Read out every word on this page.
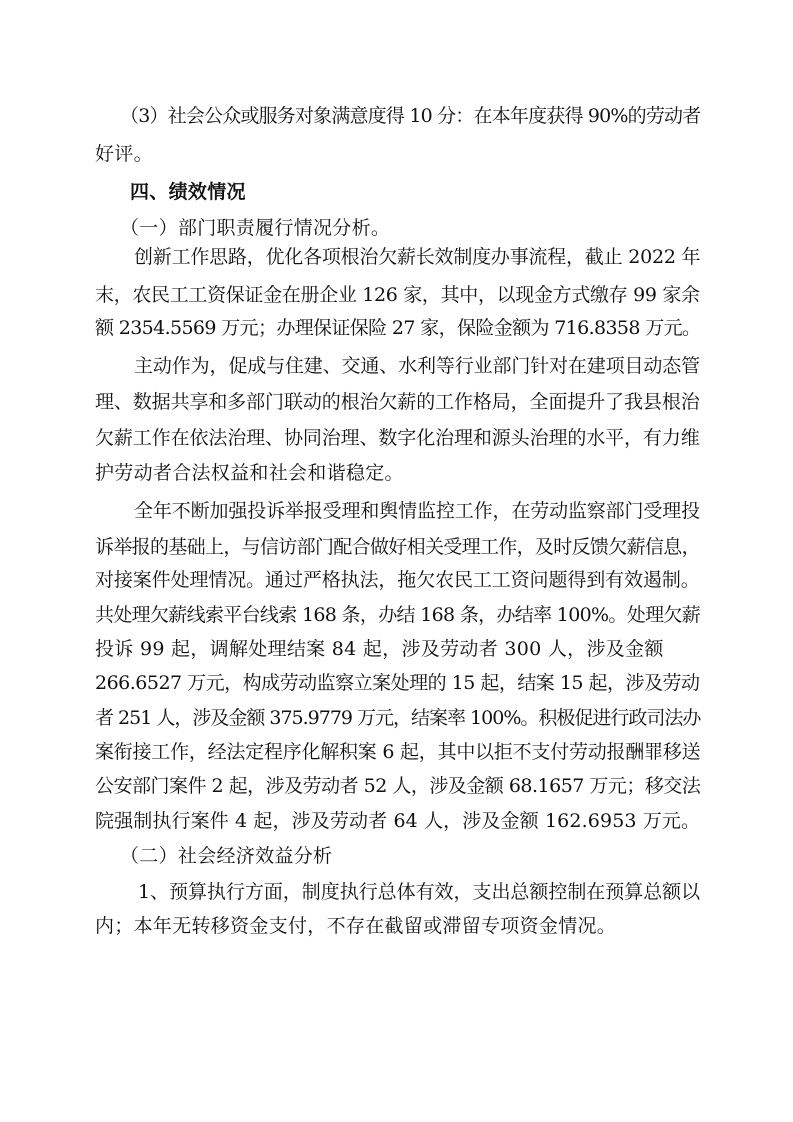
（3）社会公众或服务对象满意度得 10 分：在本年度获得 90%的劳动者
好评。
四、绩效情况
（一）部门职责履行情况分析。
创新工作思路，优化各项根治欠薪长效制度办事流程，截止 2022 年
末，农民工工资保证金在册企业 126 家，其中，以现金方式缴存 99 家余
额 2354.5569 万元；办理保证保险 27 家，保险金额为 716.8358 万元。
主动作为，促成与住建、交通、水利等行业部门针对在建项目动态管
理、数据共享和多部门联动的根治欠薪的工作格局，全面提升了我县根治
欠薪工作在依法治理、协同治理、数字化治理和源头治理的水平，有力维
护劳动者合法权益和社会和谐稳定。
全年不断加强投诉举报受理和舆情监控工作，在劳动监察部门受理投
诉举报的基础上，与信访部门配合做好相关受理工作，及时反馈欠薪信息，
对接案件处理情况。通过严格执法，拖欠农民工工资问题得到有效遏制。
共处理欠薪线索平台线索 168 条，办结 168 条，办结率 100%。处理欠薪
投诉 99 起，调解处理结案 84 起，涉及劳动者 300 人，涉及金额
266.6527 万元，构成劳动监察立案处理的 15 起，结案 15 起，涉及劳动
者 251 人，涉及金额 375.9779 万元，结案率 100%。积极促进行政司法办
案衔接工作，经法定程序化解积案 6 起，其中以拒不支付劳动报酬罪移送
公安部门案件 2 起，涉及劳动者 52 人，涉及金额 68.1657 万元；移交法
院强制执行案件 4 起，涉及劳动者 64 人，涉及金额 162.6953 万元。
（二）社会经济效益分析
1、预算执行方面，制度执行总体有效，支出总额控制在预算总额以
内；本年无转移资金支付，不存在截留或滞留专项资金情况。
